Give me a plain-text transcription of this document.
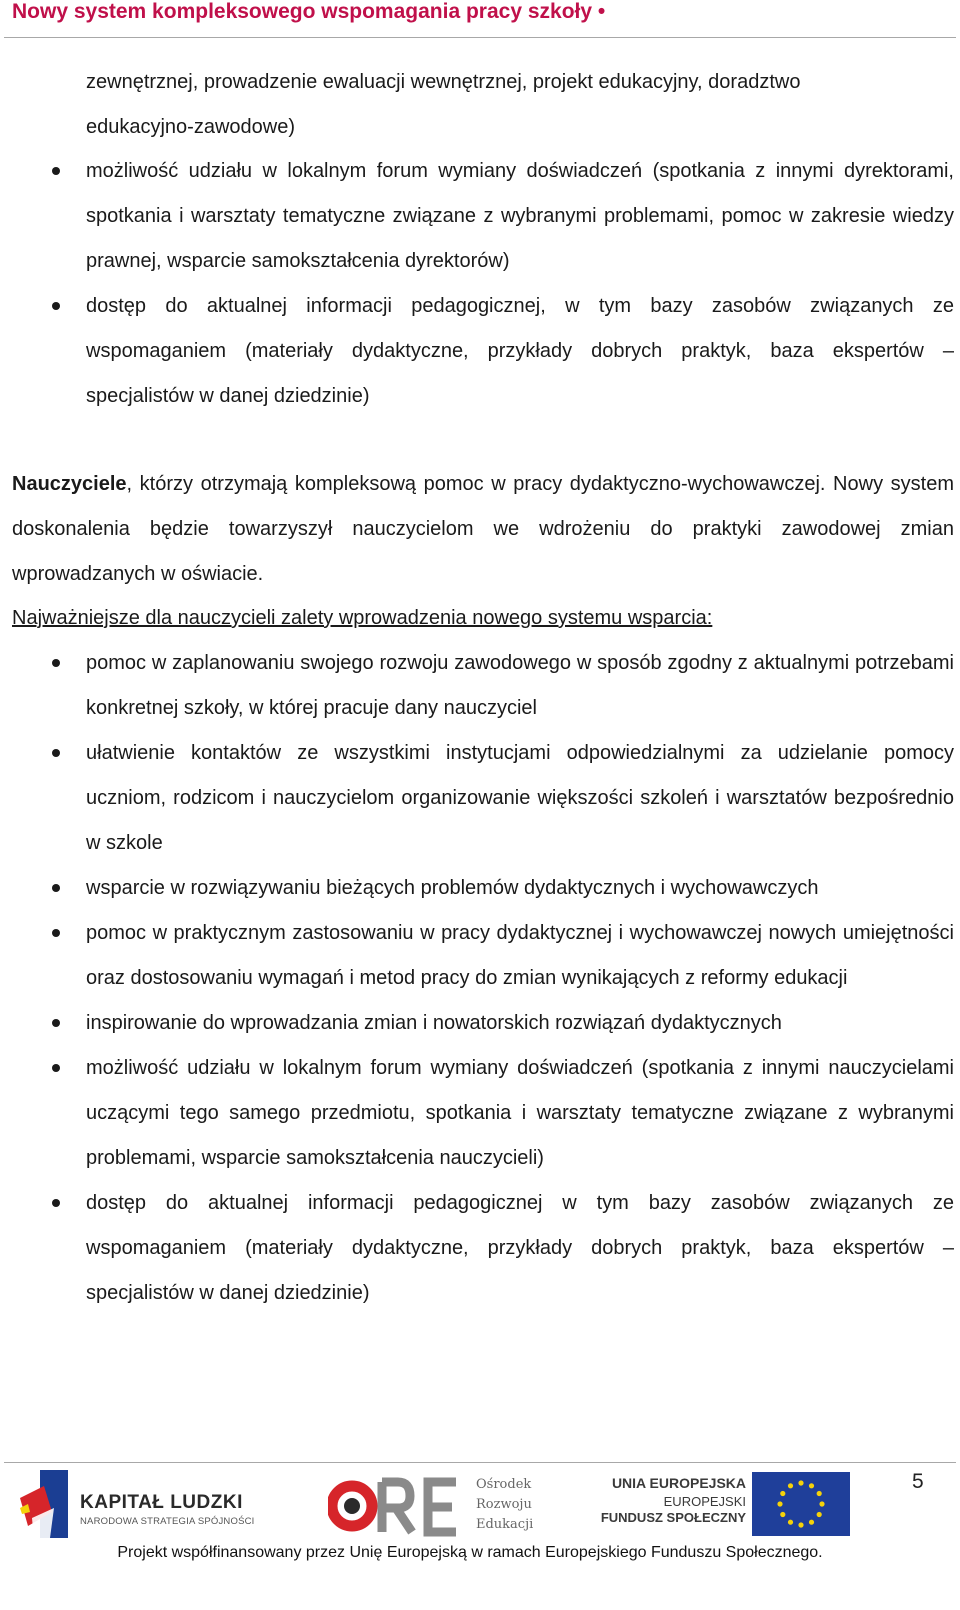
Nowy system kompleksowego wspomagania pracy szkoły •

zewnętrznej, prowadzenie ewaluacji wewnętrznej, projekt edukacyjny, doradztwo

edukacyjno-zawodowe)

możliwość udziału w lokalnym forum wymiany doświadczeń (spotkania z innymi dyrektorami, spotkania i warsztaty tematyczne związane z wybranymi problemami, pomoc w zakresie wiedzy prawnej, wsparcie samokształcenia dyrektorów)
dostęp do aktualnej informacji pedagogicznej, w tym bazy zasobów związanych ze wspomaganiem (materiały dydaktyczne, przykłady dobrych praktyk, baza ekspertów – specjalistów w danej dziedzinie)

Nauczyciele, którzy otrzymają kompleksową pomoc w pracy dydaktyczno-wychowawczej. Nowy system doskonalenia będzie towarzyszył nauczycielom we wdrożeniu do praktyki zawodowej zmian wprowadzanych w oświacie.

Najważniejsze dla nauczycieli zalety wprowadzenia nowego systemu wsparcia:
pomoc w zaplanowaniu swojego rozwoju zawodowego w sposób zgodny z aktualnymi potrzebami konkretnej szkoły, w której pracuje dany nauczyciel
ułatwienie kontaktów ze wszystkimi instytucjami odpowiedzialnymi za udzielanie pomocy uczniom, rodzicom i nauczycielom organizowanie większości szkoleń i warsztatów bezpośrednio w szkole
wsparcie w rozwiązywaniu bieżących problemów dydaktycznych i wychowawczych
pomoc w praktycznym zastosowaniu w pracy dydaktycznej i wychowawczej nowych umiejętności oraz dostosowaniu wymagań i metod pracy do zmian wynikających z reformy edukacji
inspirowanie do wprowadzania zmian i nowatorskich rozwiązań dydaktycznych
możliwość udziału w lokalnym forum wymiany doświadczeń (spotkania z innymi nauczycielami uczącymi tego samego przedmiotu, spotkania i warsztaty tematyczne związane z wybranymi problemami, wsparcie samokształcenia nauczycieli)
dostęp do aktualnej informacji pedagogicznej w tym bazy zasobów związanych ze wspomaganiem (materiały dydaktyczne, przykłady dobrych praktyk, baza ekspertów – specjalistów w danej dziedzinie)
KAPITAŁ LUDZKI
NARODOWA STRATEGIA SPÓJNOŚCI
Ośrodek
Rozwoju
Edukacji
UNIA EUROPEJSKA
EUROPEJSKI
FUNDUSZ SPOŁECZNY
5
Projekt współfinansowany przez Unię Europejską w ramach Europejskiego Funduszu Społecznego.
